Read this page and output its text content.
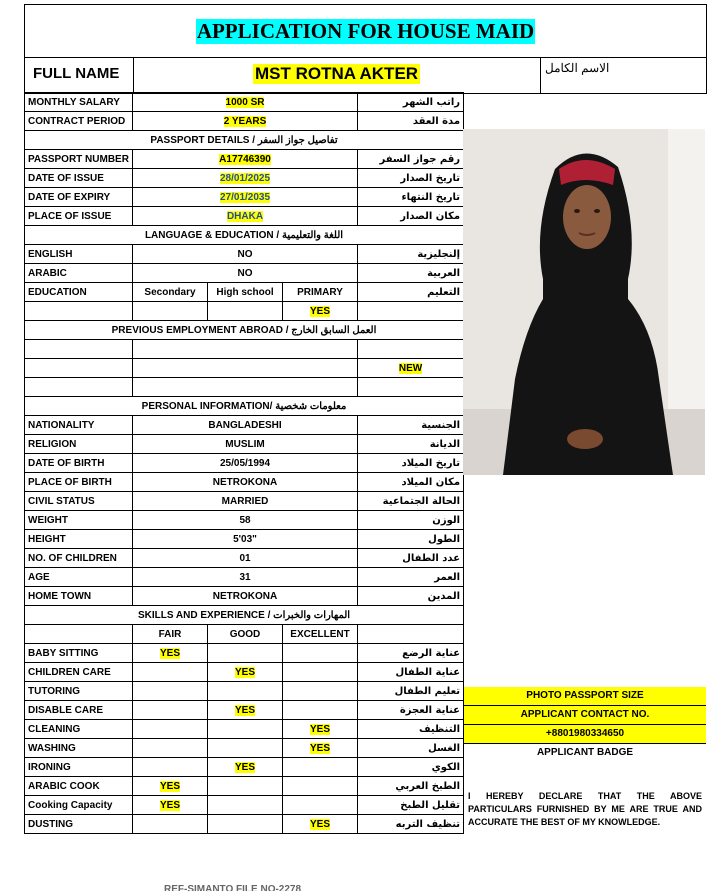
APPLICATION FOR HOUSE MAID
FULL NAME	MST ROTNA AKTER	الاسم الكامل
MONTHLY SALARY	1000 SR			راتب الشهر
CONTRACT PERIOD	2 YEARS			مدة العقد
PASSPORT DETAILS / تفاصيل جواز السفر				
PASSPORT NUMBER	A17746390			رقم جواز السفر
DATE OF ISSUE	28/01/2025			تاريخ الصدار
DATE OF EXPIRY	27/01/2035			تاريخ النتهاء
PLACE OF ISSUE	DHAKA			مكان الصدار
LANGUAGE & EDUCATION / اللغة والتعليمية				
ENGLISH	NO			إلنجليزية
ARABIC	NO			العربية
EDUCATION	Secondary	High school	PRIMARY	التعليم
			YES	
PREVIOUS EMPLOYMENT ABROAD / العمل السابق الخارج				

				NEW

PERSONAL INFORMATION/ معلومات شخصية				
NATIONALITY	BANGLADESHI			الجنسية
RELIGION	MUSLIM			الديانة
DATE OF BIRTH	25/05/1994			تاريخ الميلاد
PLACE OF BIRTH	NETROKONA			مكان الميلاد
CIVIL STATUS	MARRIED			الحالة الجتماعية
WEIGHT	58			الوزن
HEIGHT	5'03"			الطول
NO. OF CHILDREN	01			عدد الطفال
AGE	31			العمر
HOME TOWN	NETROKONA			المدين
SKILLS AND EXPERIENCE / المهارات والخبرات				
	FAIR	GOOD	EXCELLENT	
BABY SITTING	YES			عناية الرضع
CHILDREN CARE		YES		عناية الطفال
TUTORING				تعليم الطفال
DISABLE CARE		YES		عناية العجزة
CLEANING			YES	التنظيف
WASHING			YES	الغسل
IRONING		YES		الكوي
ARABIC COOK	YES			الطبخ العربي
Cooking Capacity	YES			تقليل الطبخ
DUSTING			YES	تنظيف التربه
PHOTO PASSPORT SIZE
APPLICANT CONTACT NO.
+8801980334650
APPLICANT BADGE
I HEREBY DECLARE THAT THE ABOVE PARTICULARS FURNISHED BY ME ARE TRUE AND ACCURATE THE BEST OF MY KNOWLEDGE.
REF-SIMANTO FILE NO-2278
